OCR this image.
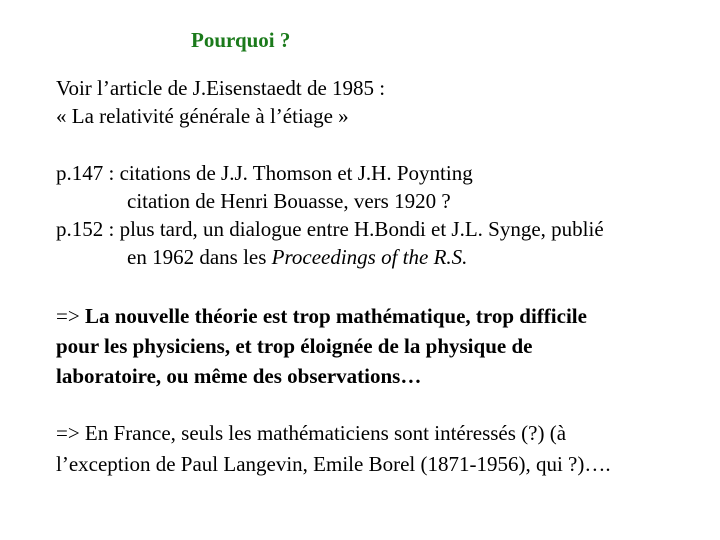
Pourquoi ?
Voir l’article de J.Eisenstaedt de 1985 :
« La relativité générale à l’étiage »
p.147 : citations de J.J. Thomson et J.H. Poynting
citation de Henri Bouasse, vers 1920 ?
p.152 : plus tard, un dialogue entre H.Bondi et J.L. Synge, publié
en 1962 dans les Proceedings of the R.S.
=> La nouvelle théorie est trop mathématique, trop difficile
pour les physiciens, et trop éloignée de la physique de
laboratoire, ou même des observations…
=> En France, seuls les mathématiciens sont intéressés (?) (à
l’exception de Paul Langevin, Emile Borel (1871-1956), qui ?)….
